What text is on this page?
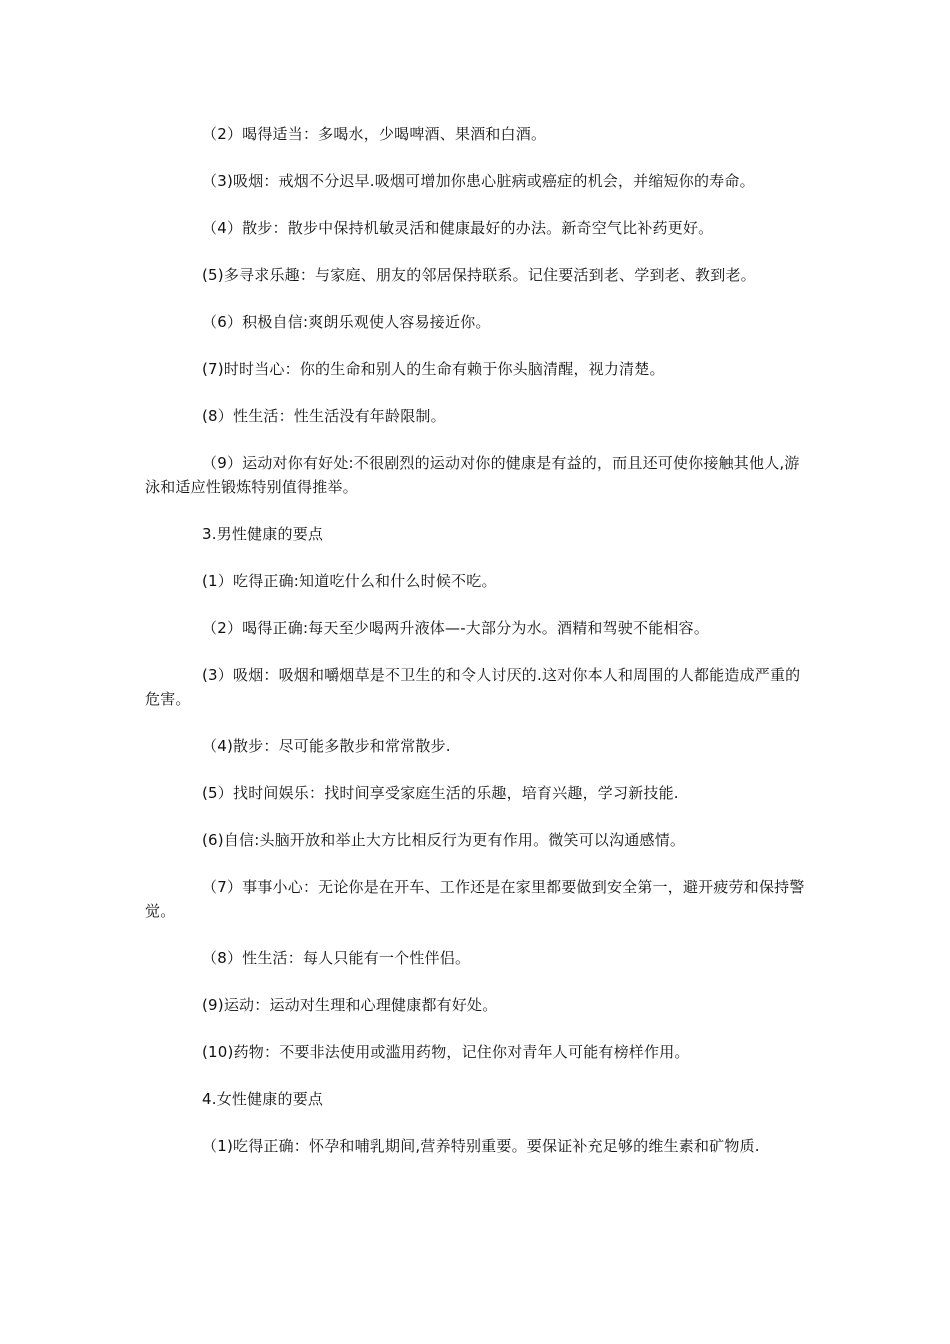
（2）喝得适当：多喝水，少喝啤酒、果酒和白酒。

（3)吸烟：戒烟不分迟早.吸烟可增加你患心脏病或癌症的机会，并缩短你的寿命。

（4）散步：散步中保持机敏灵活和健康最好的办法。新奇空气比补药更好。

(5)多寻求乐趣：与家庭、朋友的邻居保持联系。记住要活到老、学到老、教到老。

（6）积极自信:爽朗乐观使人容易接近你。

(7)时时当心：你的生命和别人的生命有赖于你头脑清醒，视力清楚。

(8）性生活：性生活没有年龄限制。

（9）运动对你有好处:不很剧烈的运动对你的健康是有益的，而且还可使你接触其他人,游泳和适应性锻炼特别值得推举。

3.男性健康的要点

(1）吃得正确:知道吃什么和什么时候不吃。

（2）喝得正确:每天至少喝两升液体—-大部分为水。酒精和驾驶不能相容。

(3）吸烟：吸烟和嚼烟草是不卫生的和令人讨厌的.这对你本人和周围的人都能造成严重的危害。

（4)散步：尽可能多散步和常常散步.

(5）找时间娱乐：找时间享受家庭生活的乐趣，培育兴趣，学习新技能.

(6)自信:头脑开放和举止大方比相反行为更有作用。微笑可以沟通感情。

（7）事事小心：无论你是在开车、工作还是在家里都要做到安全第一，避开疲劳和保持警觉。

（8）性生活：每人只能有一个性伴侣。

(9)运动：运动对生理和心理健康都有好处。

(10)药物：不要非法使用或滥用药物，记住你对青年人可能有榜样作用。

4.女性健康的要点

（1)吃得正确：怀孕和哺乳期间,营养特别重要。要保证补充足够的维生素和矿物质.
